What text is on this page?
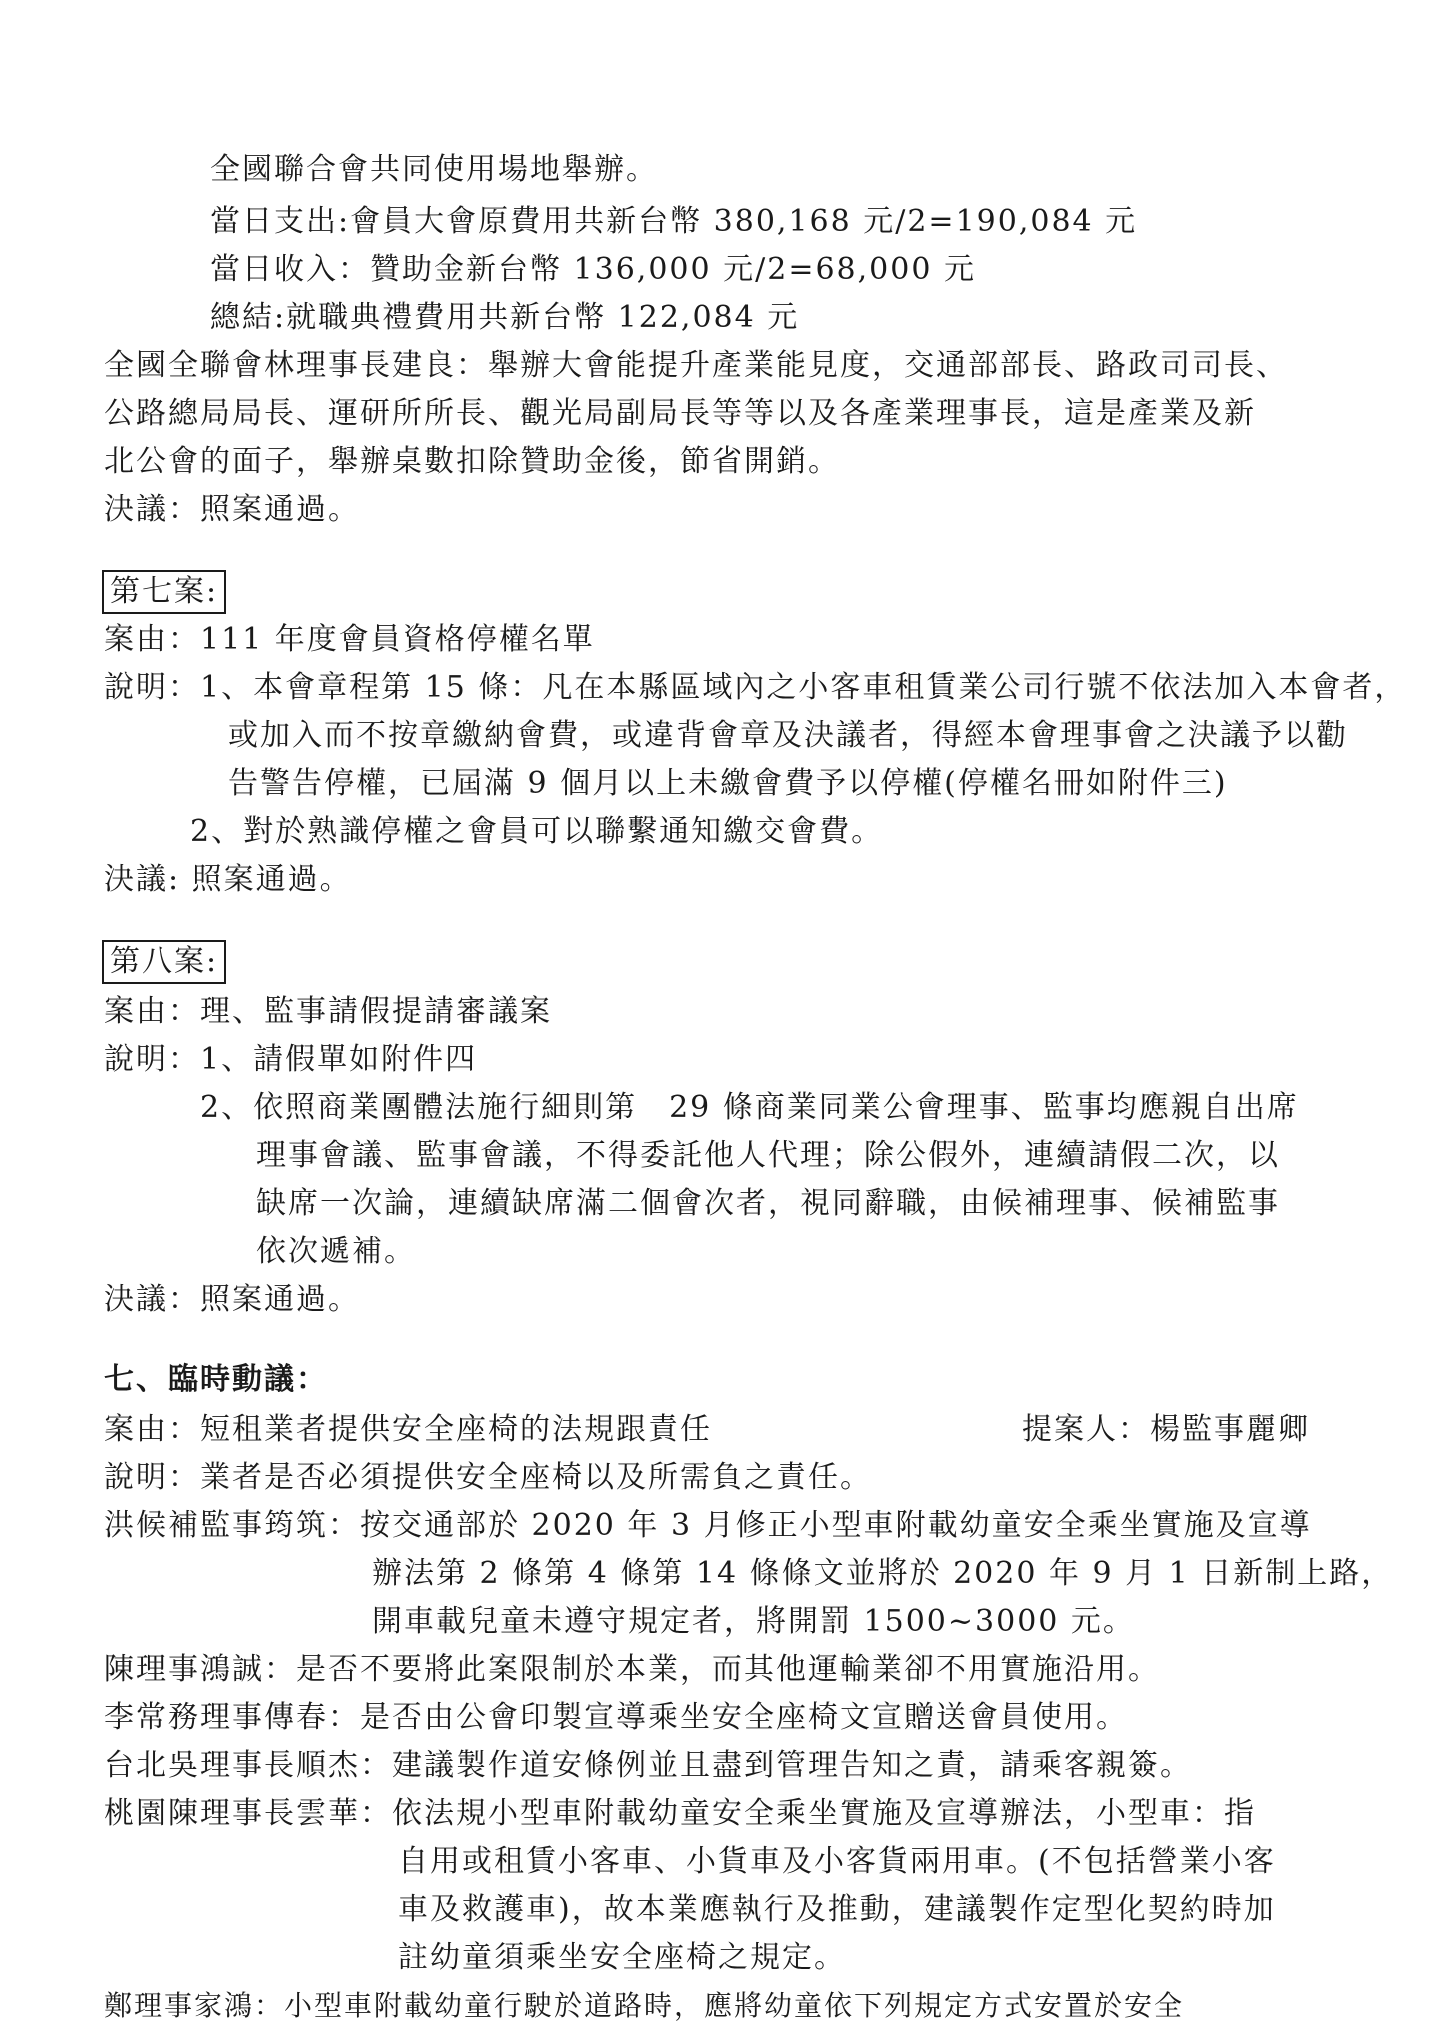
全國聯合會共同使用場地舉辦。
當日支出:會員大會原費用共新台幣 380,168 元/2=190,084 元
當日收入：贊助金新台幣 136,000 元/2=68,000 元
總結:就職典禮費用共新台幣 122,084 元
全國全聯會林理事長建良：舉辦大會能提升產業能見度，交通部部長、路政司司長、
公路總局局長、運研所所長、觀光局副局長等等以及各產業理事長，這是產業及新
北公會的面子，舉辦桌數扣除贊助金後，節省開銷。
決議：照案通過。
第七案:
案由：111 年度會員資格停權名單
說明：1、本會章程第 15 條：凡在本縣區域內之小客車租賃業公司行號不依法加入本會者，
或加入而不按章繳納會費，或違背會章及決議者，得經本會理事會之決議予以勸
告警告停權，已屆滿 9 個月以上未繳會費予以停權(停權名冊如附件三)
2、對於熟識停權之會員可以聯繫通知繳交會費。
決議: 照案通過。
第八案:
案由：理、監事請假提請審議案
說明：1、請假單如附件四
2、依照商業團體法施行細則第　29 條商業同業公會理事、監事均應親自出席
理事會議、監事會議，不得委託他人代理；除公假外，連續請假二次，以
缺席一次論，連續缺席滿二個會次者，視同辭職，由候補理事、候補監事
依次遞補。
決議：照案通過。
七、臨時動議：
案由：短租業者提供安全座椅的法規跟責任	提案人：楊監事麗卿
說明：業者是否必須提供安全座椅以及所需負之責任。
洪候補監事筠筑：按交通部於 2020 年 3 月修正小型車附載幼童安全乘坐實施及宣導
辦法第 2 條第 4 條第 14 條條文並將於 2020 年 9 月 1 日新制上路，
開車載兒童未遵守規定者，將開罰 1500~3000 元。
陳理事鴻誠：是否不要將此案限制於本業，而其他運輸業卻不用實施沿用。
李常務理事傳春：是否由公會印製宣導乘坐安全座椅文宣贈送會員使用。
台北吳理事長順杰：建議製作道安條例並且盡到管理告知之責，請乘客親簽。
桃園陳理事長雲華：依法規小型車附載幼童安全乘坐實施及宣導辦法，小型車：指
自用或租賃小客車、小貨車及小客貨兩用車。(不包括營業小客
車及救護車)，故本業應執行及推動，建議製作定型化契約時加
註幼童須乘坐安全座椅之規定。
鄭理事家鴻：小型車附載幼童行駛於道路時，應將幼童依下列規定方式安置於安全
